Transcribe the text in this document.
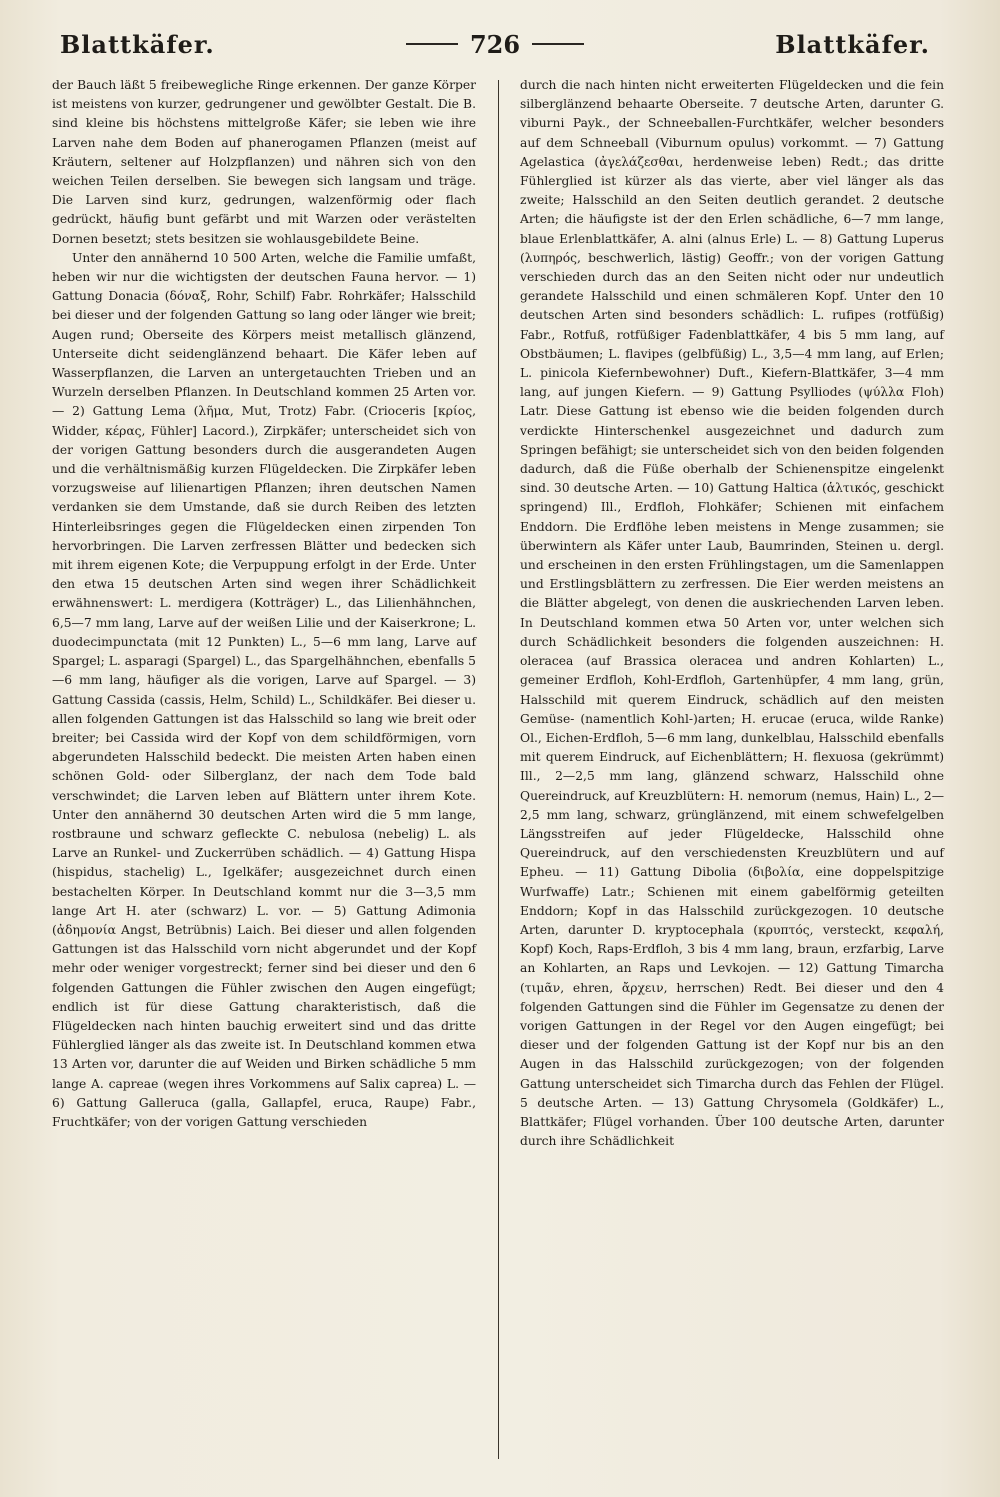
Blattkäfer.	726	Blattkäfer.

der Bauch läßt 5 freibewegliche Ringe erkennen. Der ganze Körper ist meistens von kurzer, gedrungener und gewölbter Gestalt. Die B. sind kleine bis höchstens mittelgroße Käfer; sie leben wie ihre Larven nahe dem Boden auf phanerogamen Pflanzen (meist auf Kräutern, seltener auf Holzpflanzen) und nähren sich von den weichen Teilen derselben. Sie bewegen sich langsam und träge. Die Larven sind kurz, gedrungen, walzenförmig oder flach gedrückt, häufig bunt gefärbt und mit Warzen oder verästelten Dornen besetzt; stets besitzen sie wohlausgebildete Beine.

Unter den annähernd 10 500 Arten, welche die Familie umfaßt, heben wir nur die wichtigsten der deutschen Fauna hervor. — 1) Gattung Donacia (δόναξ, Rohr, Schilf) Fabr. Rohrkäfer; Halsschild bei dieser und der folgenden Gattung so lang oder länger wie breit; Augen rund; Oberseite des Körpers meist metallisch glänzend, Unterseite dicht seidenglänzend behaart. Die Käfer leben auf Wasserpflanzen, die Larven an untergetauchten Trieben und an Wurzeln derselben Pflanzen. In Deutschland kommen 25 Arten vor. — 2) Gattung Lema (λῆμα, Mut, Trotz) Fabr. (Crioceris [κρίος, Widder, κέρας, Fühler] Lacord.), Zirpkäfer; unterscheidet sich von der vorigen Gattung besonders durch die ausgerandeten Augen und die verhältnismäßig kurzen Flügeldecken. Die Zirpkäfer leben vorzugsweise auf lilienartigen Pflanzen; ihren deutschen Namen verdanken sie dem Umstande, daß sie durch Reiben des letzten Hinterleibsringes gegen die Flügeldecken einen zirpenden Ton hervorbringen. Die Larven zerfressen Blätter und bedecken sich mit ihrem eigenen Kote; die Verpuppung erfolgt in der Erde. Unter den etwa 15 deutschen Arten sind wegen ihrer Schädlichkeit erwähnenswert: L. merdigera (Kotträger) L., das Lilienhähnchen, 6,5—7 mm lang, Larve auf der weißen Lilie und der Kaiserkrone; L. duodecimpunctata (mit 12 Punkten) L., 5—6 mm lang, Larve auf Spargel; L. asparagi (Spargel) L., das Spargelhähnchen, ebenfalls 5—6 mm lang, häufiger als die vorigen, Larve auf Spargel. — 3) Gattung Cassida (cassis, Helm, Schild) L., Schildkäfer. Bei dieser u. allen folgenden Gattungen ist das Halsschild so lang wie breit oder breiter; bei Cassida wird der Kopf von dem schildförmigen, vorn abgerundeten Halsschild bedeckt. Die meisten Arten haben einen schönen Gold- oder Silberglanz, der nach dem Tode bald verschwindet; die Larven leben auf Blättern unter ihrem Kote. Unter den annähernd 30 deutschen Arten wird die 5 mm lange, rostbraune und schwarz gefleckte C. nebulosa (nebelig) L. als Larve an Runkel- und Zuckerrüben schädlich. — 4) Gattung Hispa (hispidus, stachelig) L., Igelkäfer; ausgezeichnet durch einen bestachelten Körper. In Deutschland kommt nur die 3—3,5 mm lange Art H. ater (schwarz) L. vor. — 5) Gattung Adimonia (ἀδημονία Angst, Betrübnis) Laich. Bei dieser und allen folgenden Gattungen ist das Halsschild vorn nicht abgerundet und der Kopf mehr oder weniger vorgestreckt; ferner sind bei dieser und den 6 folgenden Gattungen die Fühler zwischen den Augen eingefügt; endlich ist für diese Gattung charakteristisch, daß die Flügeldecken nach hinten bauchig erweitert sind und das dritte Fühlerglied länger als das zweite ist. In Deutschland kommen etwa 13 Arten vor, darunter die auf Weiden und Birken schädliche 5 mm lange A. capreae (wegen ihres Vorkommens auf Salix caprea) L. — 6) Gattung Galleruca (galla, Gallapfel, eruca, Raupe) Fabr., Fruchtkäfer; von der vorigen Gattung verschieden

durch die nach hinten nicht erweiterten Flügeldecken und die fein silberglänzend behaarte Oberseite. 7 deutsche Arten, darunter G. viburni Payk., der Schneeballen-Furchtkäfer, welcher besonders auf dem Schneeball (Viburnum opulus) vorkommt. — 7) Gattung Agelastica (ἀγελάζεσθαι, herdenweise leben) Redt.; das dritte Fühlerglied ist kürzer als das vierte, aber viel länger als das zweite; Halsschild an den Seiten deutlich gerandet. 2 deutsche Arten; die häufigste ist der den Erlen schädliche, 6—7 mm lange, blaue Erlenblattkäfer, A. alni (alnus Erle) L. — 8) Gattung Luperus (λυπηρός, beschwerlich, lästig) Geoffr.; von der vorigen Gattung verschieden durch das an den Seiten nicht oder nur undeutlich gerandete Halsschild und einen schmäleren Kopf. Unter den 10 deutschen Arten sind besonders schädlich: L. rufipes (rotfüßig) Fabr., Rotfuß, rotfüßiger Fadenblattkäfer, 4 bis 5 mm lang, auf Obstbäumen; L. flavipes (gelbfüßig) L., 3,5—4 mm lang, auf Erlen; L. pinicola Kiefernbewohner) Duft., Kiefern-Blattkäfer, 3—4 mm lang, auf jungen Kiefern. — 9) Gattung Psylliodes (ψύλλα Floh) Latr. Diese Gattung ist ebenso wie die beiden folgenden durch verdickte Hinterschenkel ausgezeichnet und dadurch zum Springen befähigt; sie unterscheidet sich von den beiden folgenden dadurch, daß die Füße oberhalb der Schienenspitze eingelenkt sind. 30 deutsche Arten. — 10) Gattung Haltica (ἁλτικός, geschickt springend) Ill., Erdfloh, Flohkäfer; Schienen mit einfachem Enddorn. Die Erdflöhe leben meistens in Menge zusammen; sie überwintern als Käfer unter Laub, Baumrinden, Steinen u. dergl. und erscheinen in den ersten Frühlingstagen, um die Samenlappen und Erstlingsblättern zu zerfressen. Die Eier werden meistens an die Blätter abgelegt, von denen die auskriechenden Larven leben. In Deutschland kommen etwa 50 Arten vor, unter welchen sich durch Schädlichkeit besonders die folgenden auszeichnen: H. oleracea (auf Brassica oleracea und andren Kohlarten) L., gemeiner Erdfloh, Kohl-Erdfloh, Gartenhüpfer, 4 mm lang, grün, Halsschild mit querem Eindruck, schädlich auf den meisten Gemüse- (namentlich Kohl-)arten; H. erucae (eruca, wilde Ranke) Ol., Eichen-Erdfloh, 5—6 mm lang, dunkelblau, Halsschild ebenfalls mit querem Eindruck, auf Eichenblättern; H. flexuosa (gekrümmt) Ill., 2—2,5 mm lang, glänzend schwarz, Halsschild ohne Quereindruck, auf Kreuzblütern: H. nemorum (nemus, Hain) L., 2—2,5 mm lang, schwarz, grünglänzend, mit einem schwefelgelben Längsstreifen auf jeder Flügeldecke, Halsschild ohne Quereindruck, auf den verschiedensten Kreuzblütern und auf Epheu. — 11) Gattung Dibolia (διβολία, eine doppelspitzige Wurfwaffe) Latr.; Schienen mit einem gabelförmig geteilten Enddorn; Kopf in das Halsschild zurückgezogen. 10 deutsche Arten, darunter D. kryptocephala (κρυπτός, versteckt, κεφαλή, Kopf) Koch, Raps-Erdfloh, 3 bis 4 mm lang, braun, erzfarbig, Larve an Kohlarten, an Raps und Levkojen. — 12) Gattung Timarcha (τιμᾶν, ehren, ἄρχειν, herrschen) Redt. Bei dieser und den 4 folgenden Gattungen sind die Fühler im Gegensatze zu denen der vorigen Gattungen in der Regel vor den Augen eingefügt; bei dieser und der folgenden Gattung ist der Kopf nur bis an den Augen in das Halsschild zurückgezogen; von der folgenden Gattung unterscheidet sich Timarcha durch das Fehlen der Flügel. 5 deutsche Arten. — 13) Gattung Chrysomela (Goldkäfer) L., Blattkäfer; Flügel vorhanden. Über 100 deutsche Arten, darunter durch ihre Schädlichkeit
